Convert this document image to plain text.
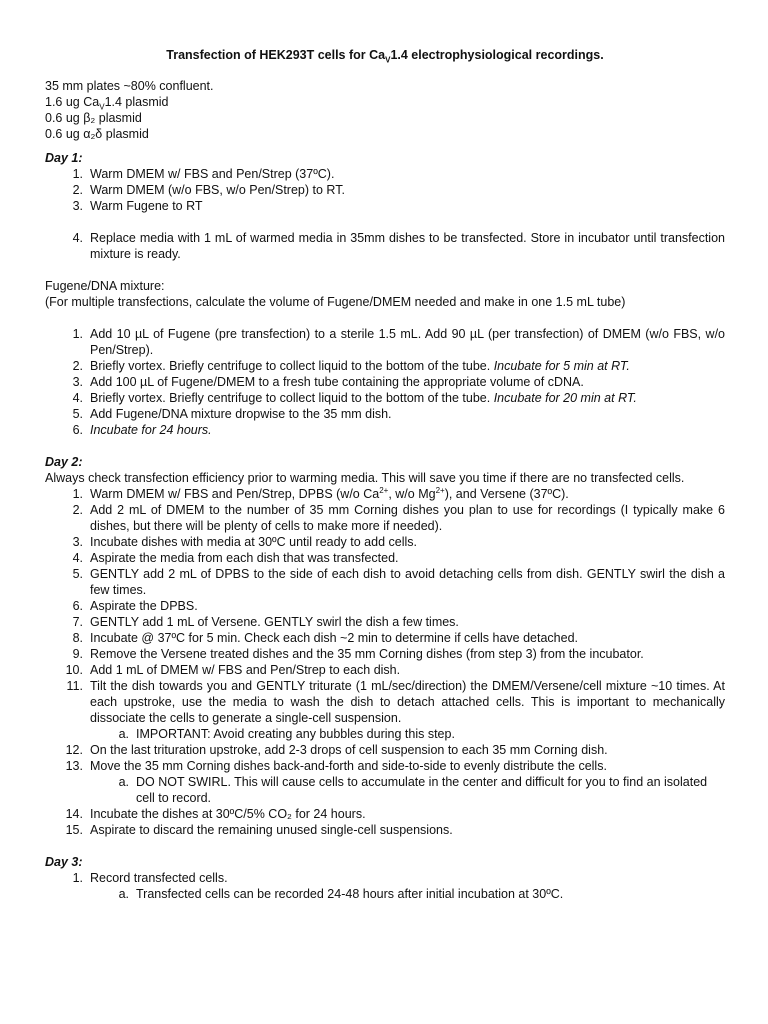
Transfection of HEK293T cells for $Ca_V1.4$ electrophysiological recordings.

35 mm plates ~80% confluent.

1.6 ug $Ca_V1.4$ plasmid

0.6 ug β₂ plasmid

0.6 ug α₂δ plasmid

Day 1:

1. Warm DMEM w/ FBS and Pen/Strep (37ºC).
2. Warm DMEM (w/o FBS, w/o Pen/Strep) to RT.
3. Warm Fugene to RT
4. Replace media with 1 mL of warmed media in 35mm dishes to be transfected. Store in incubator until transfection mixture is ready.

Fugene/DNA mixture:

(For multiple transfections, calculate the volume of Fugene/DMEM needed and make in one 1.5 mL tube)

1. Add 10 µL of Fugene (pre transfection) to a sterile 1.5 mL. Add 90 µL (per transfection) of DMEM (w/o FBS, w/o Pen/Strep).
2. Briefly vortex. Briefly centrifuge to collect liquid to the bottom of the tube. Incubate for 5 min at RT.
3. Add 100 µL of Fugene/DMEM to a fresh tube containing the appropriate volume of cDNA.
4. Briefly vortex. Briefly centrifuge to collect liquid to the bottom of the tube. Incubate for 20 min at RT.
5. Add Fugene/DNA mixture dropwise to the 35 mm dish.
6. Incubate for 24 hours.

Day 2:

Always check transfection efficiency prior to warming media. This will save you time if there are no transfected cells.

1. Warm DMEM w/ FBS and Pen/Strep, DPBS (w/o $Ca^{2+}$, w/o $Mg^{2+}$), and Versene (37ºC).
2. Add 2 mL of DMEM to the number of 35 mm Corning dishes you plan to use for recordings (I typically make 6 dishes, but there will be plenty of cells to make more if needed).
3. Incubate dishes with media at 30ºC until ready to add cells.
4. Aspirate the media from each dish that was transfected.
5. GENTLY add 2 mL of DPBS to the side of each dish to avoid detaching cells from dish. GENTLY swirl the dish a few times.
6. Aspirate the DPBS.
7. GENTLY add 1 mL of Versene. GENTLY swirl the dish a few times.
8. Incubate @ 37ºC for 5 min. Check each dish ~2 min to determine if cells have detached.
9. Remove the Versene treated dishes and the 35 mm Corning dishes (from step 3) from the incubator.
10. Add 1 mL of DMEM w/ FBS and Pen/Strep to each dish.
11. Tilt the dish towards you and GENTLY triturate (1 mL/sec/direction) the DMEM/Versene/cell mixture ~10 times. At each upstroke, use the media to wash the dish to detach attached cells. This is important to mechanically dissociate the cells to generate a single-cell suspension.
a. IMPORTANT: Avoid creating any bubbles during this step.
12. On the last trituration upstroke, add 2-3 drops of cell suspension to each 35 mm Corning dish.
13. Move the 35 mm Corning dishes back-and-forth and side-to-side to evenly distribute the cells.
a. DO NOT SWIRL. This will cause cells to accumulate in the center and difficult for you to find an isolated cell to record.
14. Incubate the dishes at 30ºC/5% CO₂ for 24 hours.
15. Aspirate to discard the remaining unused single-cell suspensions.

Day 3:

1. Record transfected cells.
a. Transfected cells can be recorded 24-48 hours after initial incubation at 30ºC.
